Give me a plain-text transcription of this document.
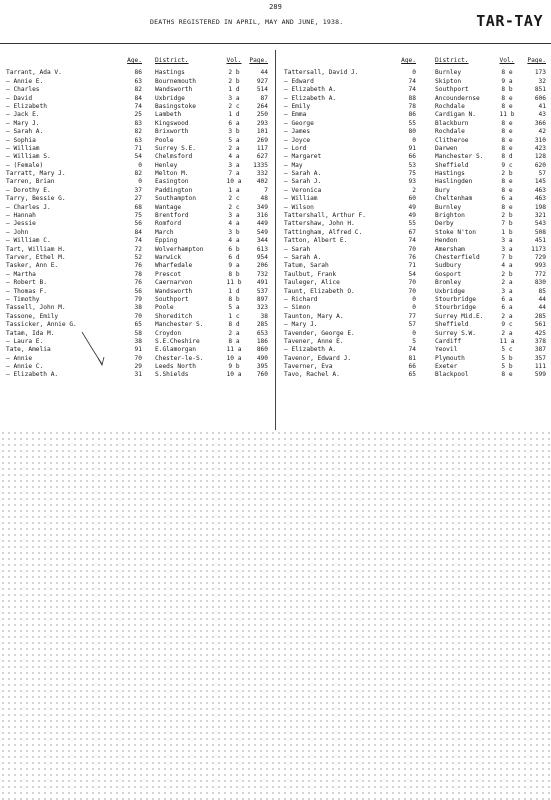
289
DEATHS REGISTERED IN APRIL, MAY AND JUNE, 1938.	TAR-TAY
Age. District.	Vol.	Page.
Tarrant, Ada V.	86 Hastings	2 b	44
— Annie E.	63 Bournemouth	2 b	927
— Charles	82 Wandsworth	1 d	514
— David	84 Uxbridge	3 a	87
— Elizabeth	74 Basingstoke	2 c	264
— Jack E.	25 Lambeth	1 d	250
— Mary J.	83 Kingswood	6 a	293
— Sarah A.	82 Brixworth	3 b	101
— Sophia	63 Poole	5 a	269
— William	71 Surrey S.E.	2 a	117
— William S.	54 Chelmsford	4 a	627
— (Female)	0 Henley	3 a	1335
Tarratt, Mary J.	82 Melton M.	7 a	332
Tarren, Brian	0 Easington	10 a	402
— Dorothy E.	37 Paddington	1 a	7
Tarry, Bessie G.	27 Southampton	2 c	48
— Charles J.	68 Wantage	2 c	349
— Hannah	75 Brentford	3 a	316
— Jessie	56 Romford	4 a	449
— John	84 March	3 b	549
— William C.	74 Epping	4 a	344
Tart, William H.	72 Wolverhampton	6 b	613
Tarver, Ethel M.	52 Warwick	6 d	954
Tasker, Ann E.	76 Wharfedale	9 a	206
— Martha	78 Prescot	8 b	732
— Robert B.	76 Caernarvon	11 b	491
— Thomas F.	56 Wandsworth	1 d	537
— Timothy	79 Southport	8 b	897
Tassell, John M.	38 Poole	5 a	323
Tassone, Emily	70 Shoreditch	1 c	38
Tassicker, Annie G.	65 Manchester S.	8 d	285
Tatam, Ida M.	58 Croydon	2 a	653
— Laura E.	38 S.E.Cheshire	8 a	186
Tate, Amelia	91 E.Glamorgan	11 a	860
— Annie	70 Chester-le-S.	10 a	490
— Annie C.	29 Leeds North	9 b	395
— Elizabeth A.	31 S.Shields	10 a	760
Age.	District.	Vol.	Page.
Tattersall, David J.	0	Burnley	8 e	173
— Edward	74	Skipton	9 a	32
— Elizabeth A.	74	Southport	8 b	851
— Elizabeth A.	88	Ancoundernse	8 e	606
— Emily	78	Rochdale	8 e	41
— Emma	86	Cardigan N.	11 b	43
— George	55	Blackburn	8 e	366
— James	80	Rochdale	8 e	42
— Joyce	0	Clitheroe	8 e	310
— Lord	91	Darwen	8 e	423
— Margaret	66	Manchester S.	8 d	128
— May	53	Sheffield	9 c	620
— Sarah A.	75	Hastings	2 b	57
— Sarah J.	93	Haslingden	8 e	145
— Veronica	2	Bury	8 e	463
— William	60	Cheltenham	6 a	463
— Wilson	49	Burnley	8 e	198
Tattershall, Arthur F.	49	Brighton	2 b	321
Tattershaw, John H.	55	Derby	7 b	543
Tattingham, Alfred C.	67	Stoke N'ton	1 b	508
Tatton, Albert E.	74	Hendon	3 a	451
— Sarah	70	Amersham	3 a	1173
— Sarah A.	76	Chesterfield	7 b	729
Tatum, Sarah	71	Sudbury	4 a	993
Taulbut, Frank	54	Gosport	2 b	772
Tauleger, Alice	70	Bromley	2 a	830
Taunt, Elizabeth O.	70	Uxbridge	3 a	85
— Richard	0	Stourbridge	6 a	44
— Simon	0	Stourbridge	6 a	44
Taunton, Mary A.	77	Surrey Mid.E.	2 a	285
— Mary J.	57	Sheffield	9 c	561
Tavender, George E.	0	Surrey S.W.	2 a	425
Tavener, Anne E.	5	Cardiff	11 a	378
— Elizabeth A.	74	Yeovil	5 c	387
Tavenor, Edward J.	81	Plymouth	5 b	357
Taverner, Eva	66	Exeter	5 b	111
Tavo, Rachel A.	65	Blackpool	8 e	599
